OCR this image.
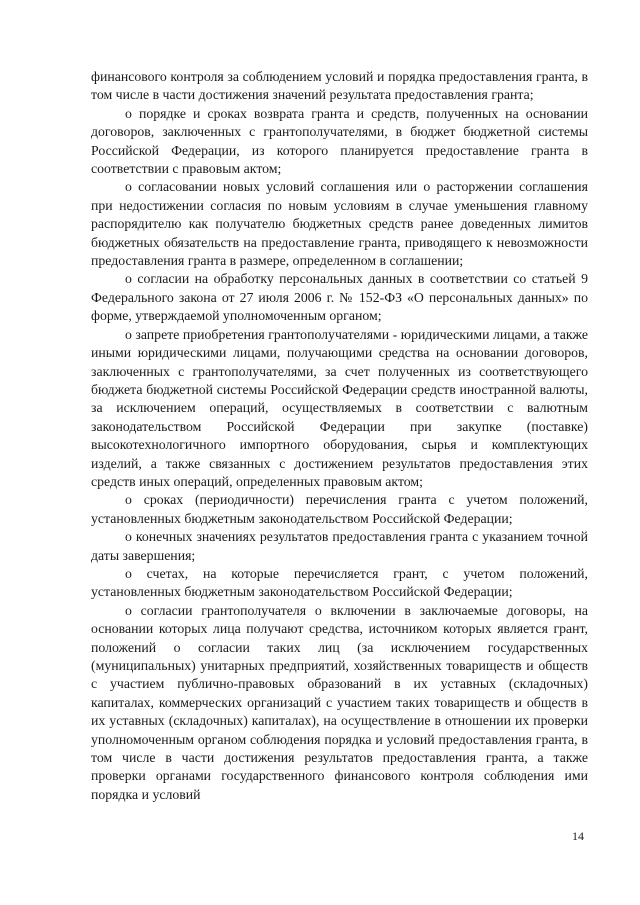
финансового контроля за соблюдением условий и порядка предоставления гранта, в том числе в части достижения значений результата предоставления гранта;

о порядке и сроках возврата гранта и средств, полученных на основании договоров, заключенных с грантополучателями, в бюджет бюджетной системы Российской Федерации, из которого планируется предоставление гранта в соответствии с правовым актом;

о согласовании новых условий соглашения или о расторжении соглашения при недостижении согласия по новым условиям в случае уменьшения главному распорядителю как получателю бюджетных средств ранее доведенных лимитов бюджетных обязательств на предоставление гранта, приводящего к невозможности предоставления гранта в размере, определенном в соглашении;

о согласии на обработку персональных данных в соответствии со статьей 9 Федерального закона от 27 июля 2006 г. № 152-ФЗ «О персональных данных» по форме, утверждаемой уполномоченным органом;

о запрете приобретения грантополучателями - юридическими лицами, а также иными юридическими лицами, получающими средства на основании договоров, заключенных с грантополучателями, за счет полученных из соответствующего бюджета бюджетной системы Российской Федерации средств иностранной валюты, за исключением операций, осуществляемых в соответствии с валютным законодательством Российской Федерации при закупке (поставке) высокотехнологичного импортного оборудования, сырья и комплектующих изделий, а также связанных с достижением результатов предоставления этих средств иных операций, определенных правовым актом;

о сроках (периодичности) перечисления гранта с учетом положений, установленных бюджетным законодательством Российской Федерации;

о конечных значениях результатов предоставления гранта с указанием точной даты завершения;

о счетах, на которые перечисляется грант, с учетом положений, установленных бюджетным законодательством Российской Федерации;

о согласии грантополучателя о включении в заключаемые договоры, на основании которых лица получают средства, источником которых является грант, положений о согласии таких лиц (за исключением государственных (муниципальных) унитарных предприятий, хозяйственных товариществ и обществ с участием публично-правовых образований в их уставных (складочных) капиталах, коммерческих организаций с участием таких товариществ и обществ в их уставных (складочных) капиталах), на осуществление в отношении их проверки уполномоченным органом соблюдения порядка и условий предоставления гранта, в том числе в части достижения результатов предоставления гранта, а также проверки органами государственного финансового контроля соблюдения ими порядка и условий

14
